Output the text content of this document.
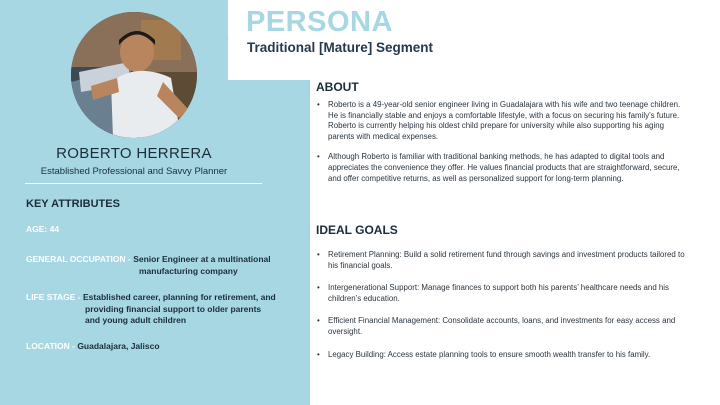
PERSONA
Traditional [Mature] Segment
ROBERTO HERRERA
Established Professional and Savvy Planner
KEY ATTRIBUTES
AGE: 44
GENERAL OCCUPATION - Senior Engineer at a multinational
manufacturing company
LIFE STAGE - Established career, planning for retirement, and
providing financial support to older parents
and young adult children
LOCATION - Guadalajara, Jalisco
ABOUT
• Roberto is a 49-year-old senior engineer living in Guadalajara with his wife and two teenage children. He is financially stable and enjoys a comfortable lifestyle, with a focus on securing his family’s future. Roberto is currently helping his oldest child prepare for university while also supporting his aging parents with medical expenses.
• Although Roberto is familiar with traditional banking methods, he has adapted to digital tools and appreciates the convenience they offer. He values financial products that are straightforward, secure, and offer competitive returns, as well as personalized support for long-term planning.
IDEAL GOALS
• Retirement Planning: Build a solid retirement fund through savings and investment products tailored to his financial goals.
• Intergenerational Support: Manage finances to support both his parents’ healthcare needs and his children’s education.
• Efficient Financial Management: Consolidate accounts, loans, and investments for easy access and oversight.
• Legacy Building: Access estate planning tools to ensure smooth wealth transfer to his family.
